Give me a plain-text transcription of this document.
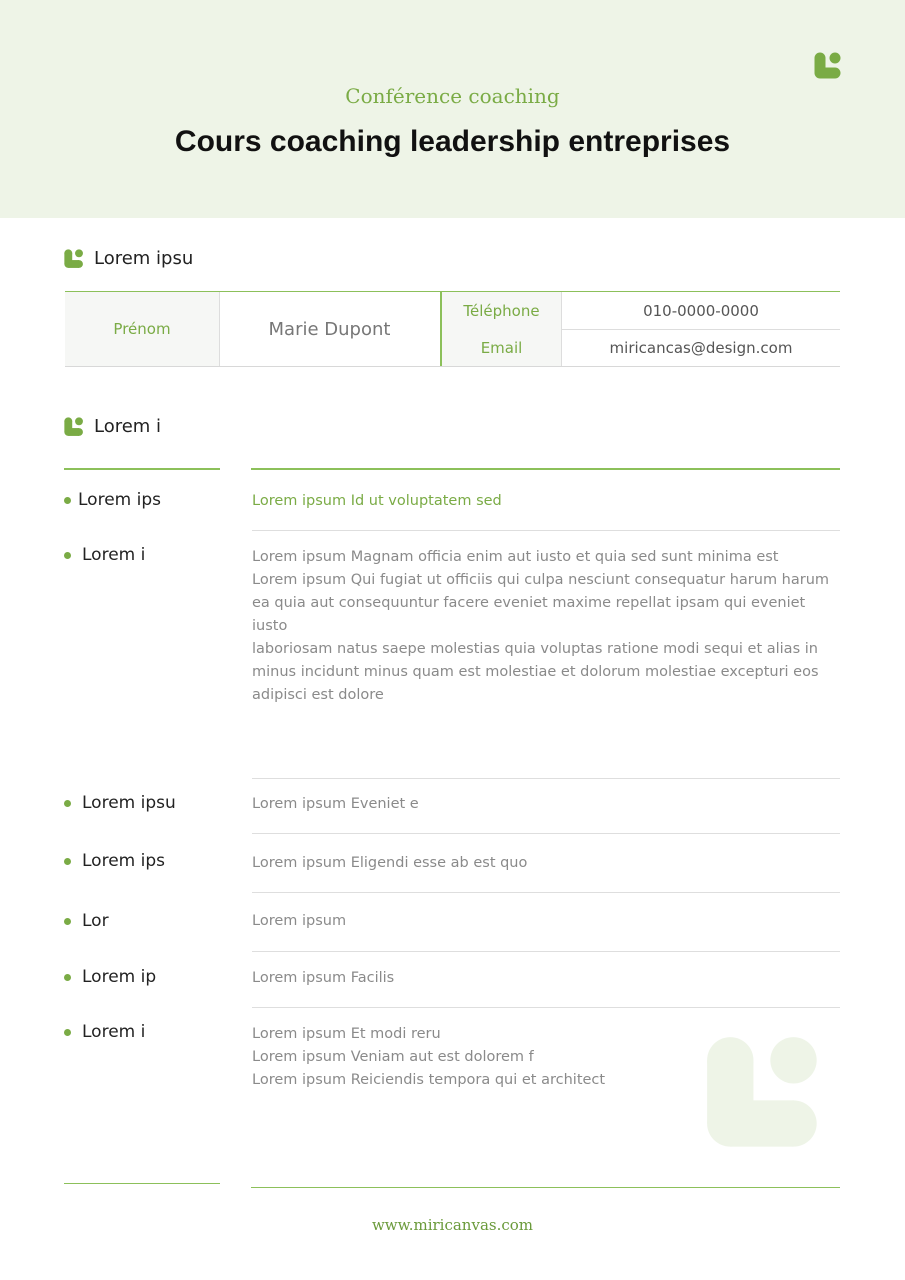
Conférence coaching
Cours coaching leadership entreprises
Lorem ipsu
Prénom	Marie Dupont
Téléphone	010-0000-0000
Email	miricancas@design.com
Lorem i
Lorem ips	Lorem ipsum Id ut voluptatem sed
Lorem i	Lorem ipsum Magnam officia enim aut iusto et quia sed sunt minima est
Lorem ipsum Qui fugiat ut officiis qui culpa nesciunt consequatur harum harum
ea quia aut consequuntur facere eveniet maxime repellat ipsam qui eveniet iusto
laboriosam natus saepe molestias quia voluptas ratione modi sequi et alias in
minus incidunt minus quam est molestiae et dolorum molestiae excepturi eos
adipisci est dolore
Lorem ipsu	Lorem ipsum Eveniet e
Lorem ips	Lorem ipsum Eligendi esse ab est quo
Lor	Lorem ipsum
Lorem ip	Lorem ipsum Facilis
Lorem i	Lorem ipsum Et modi reru
Lorem ipsum Veniam aut est dolorem f
Lorem ipsum Reiciendis tempora qui et architect
www.miricanvas.com
